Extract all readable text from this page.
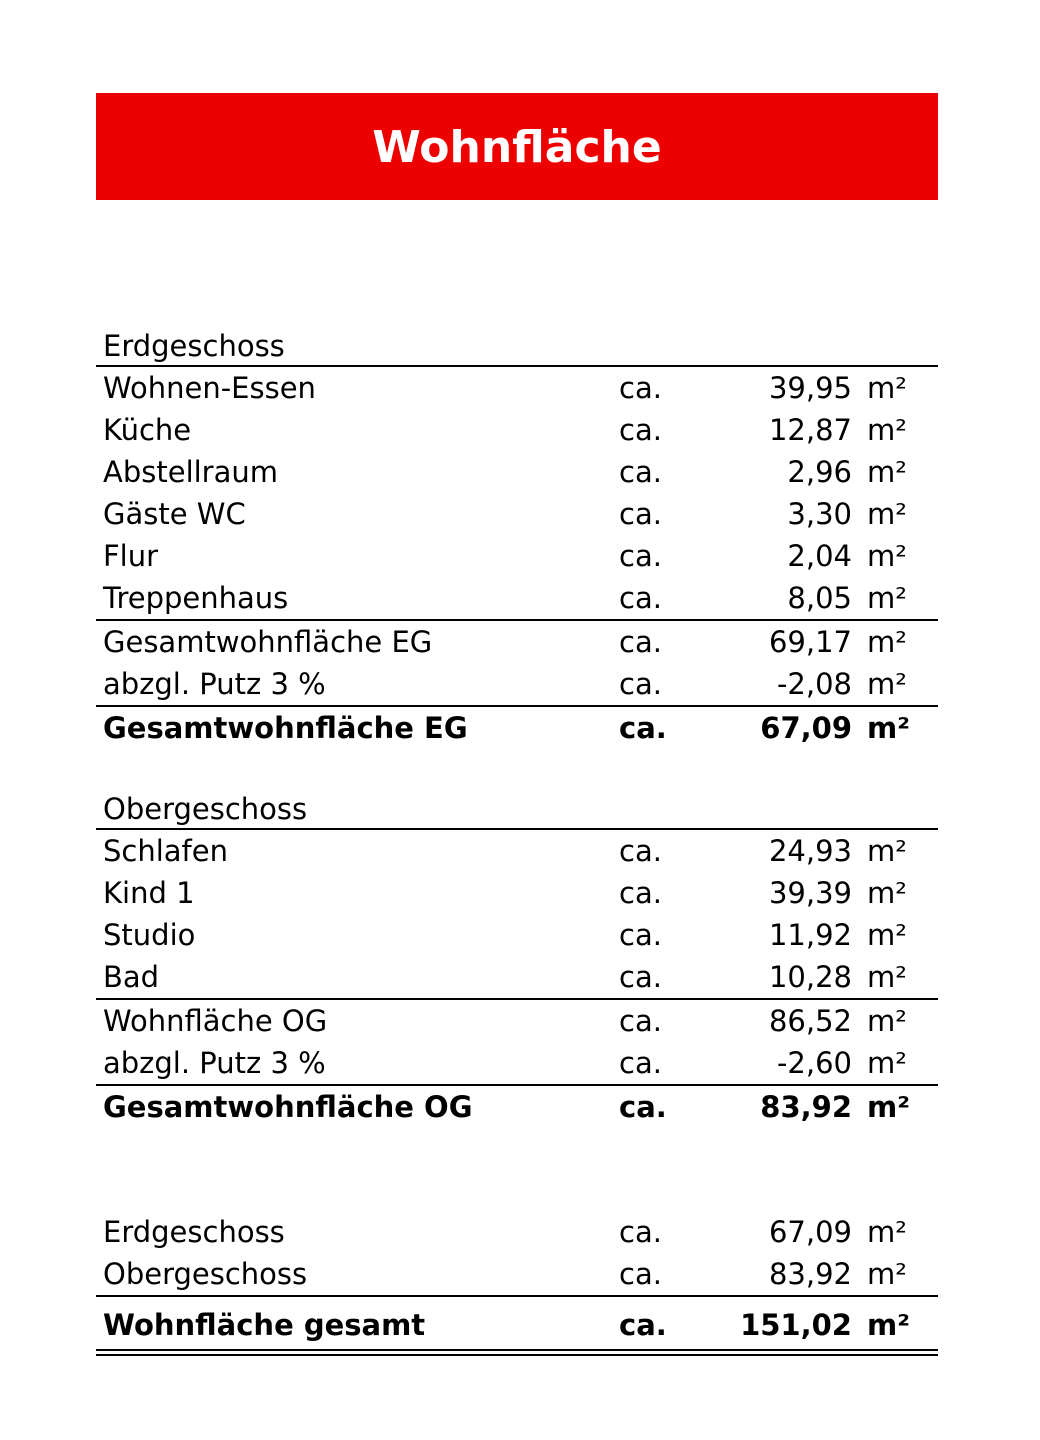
Wohnfläche
Erdgeschoss
Wohnen-Essen	ca.	39,95 m²
Küche	ca.	12,87 m²
Abstellraum	ca.	2,96 m²
Gäste WC	ca.	3,30 m²
Flur	ca.	2,04 m²
Treppenhaus	ca.	8,05 m²
Gesamtwohnfläche EG	ca.	69,17 m²
abzgl. Putz 3 %	ca.	-2,08 m²
Gesamtwohnfläche EG	ca.	67,09 m²
Obergeschoss
Schlafen	ca.	24,93 m²
Kind 1	ca.	39,39 m²
Studio	ca.	11,92 m²
Bad	ca.	10,28 m²
Wohnfläche OG	ca.	86,52 m²
abzgl. Putz 3 %	ca.	-2,60 m²
Gesamtwohnfläche OG	ca.	83,92 m²
Erdgeschoss	ca.	67,09 m²
Obergeschoss	ca.	83,92 m²
Wohnfläche gesamt	ca.	151,02 m²
